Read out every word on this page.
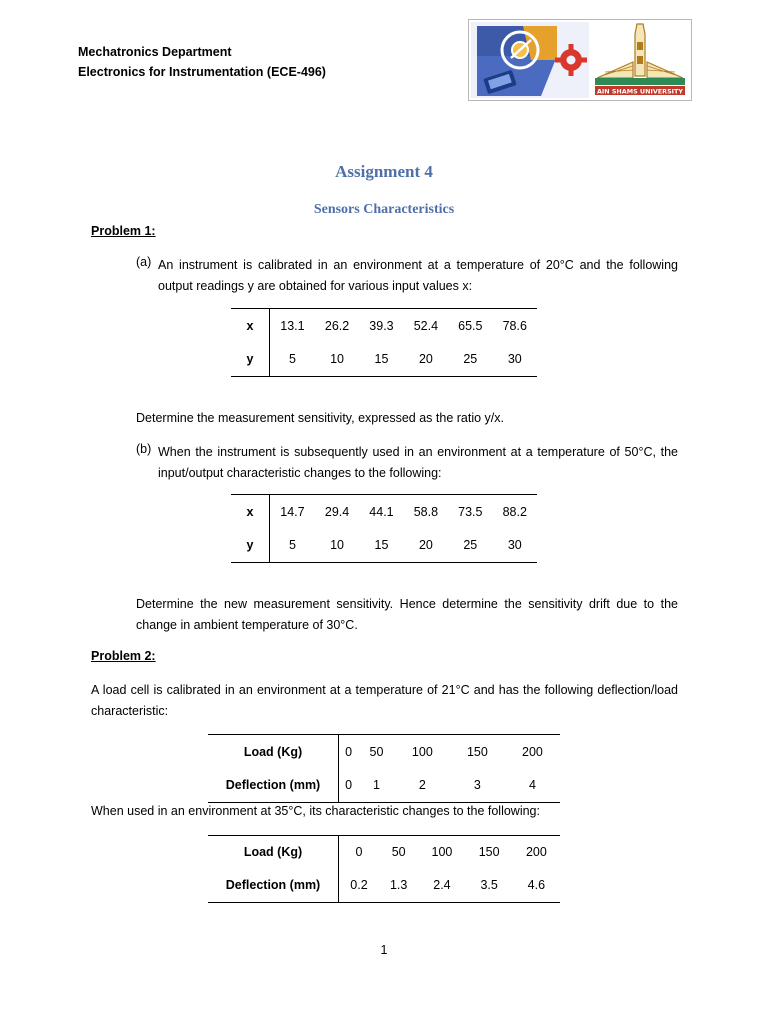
Mechatronics Department
Electronics for Instrumentation (ECE-496)
AIN SHAMS UNIVERSITY
Assignment 4
Sensors Characteristics
Problem 1:
(a) An instrument is calibrated in an environment at a temperature of 20°C and the following output readings y are obtained for various input values x:
x	13.1	26.2	39.3	52.4	65.5	78.6
y	5	10	15	20	25	30
Determine the measurement sensitivity, expressed as the ratio y/x.
(b) When the instrument is subsequently used in an environment at a temperature of 50°C, the input/output characteristic changes to the following:
x	14.7	29.4	44.1	58.8	73.5	88.2
y	5	10	15	20	25	30
Determine the new measurement sensitivity. Hence determine the sensitivity drift due to the change in ambient temperature of 30°C.
Problem 2:
A load cell is calibrated in an environment at a temperature of 21°C and has the following deflection/load characteristic:
Load (Kg)	0	50	100	150	200
Deflection (mm)	0	1	2	3	4
When used in an environment at 35°C, its characteristic changes to the following:
Load (Kg)	0	50	100	150	200
Deflection (mm)	0.2	1.3	2.4	3.5	4.6
1
